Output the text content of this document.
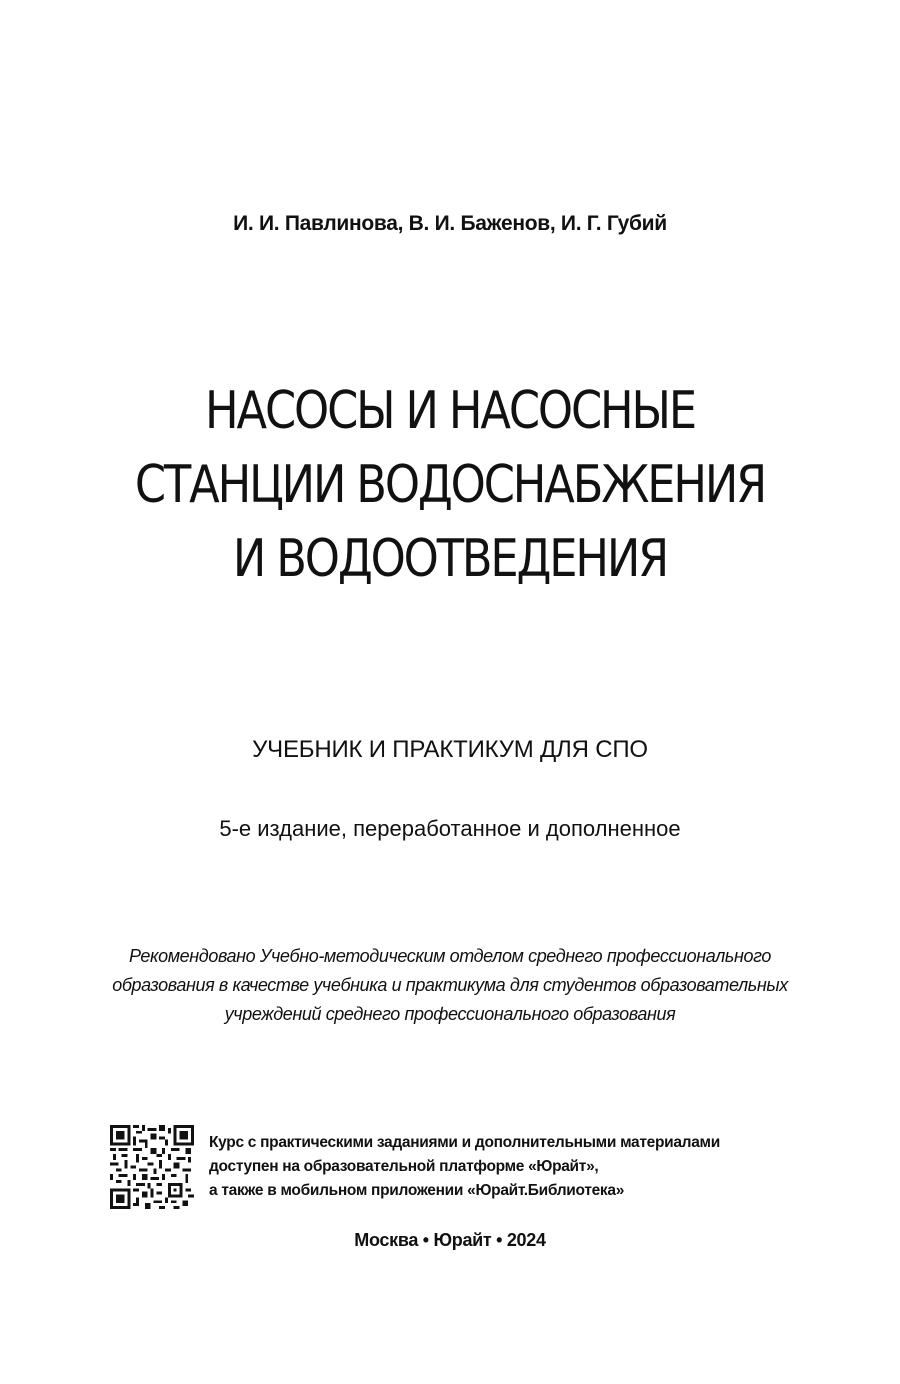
И. И. Павлинова, В. И. Баженов, И. Г. Губий
НАСОСЫ И НАСОСНЫЕ
СТАНЦИИ ВОДОСНАБЖЕНИЯ
И ВОДООТВЕДЕНИЯ
УЧЕБНИК И ПРАКТИКУМ ДЛЯ СПО
5-е издание, переработанное и дополненное
Рекомендовано Учебно-методическим отделом среднего профессионального
образования в качестве учебника и практикума для студентов образовательных
учреждений среднего профессионального образования
Курс с практическими заданиями и дополнительными материалами
доступен на образовательной платформе «Юрайт»,
а также в мобильном приложении «Юрайт.Библиотека»
Москва • Юрайт • 2024
